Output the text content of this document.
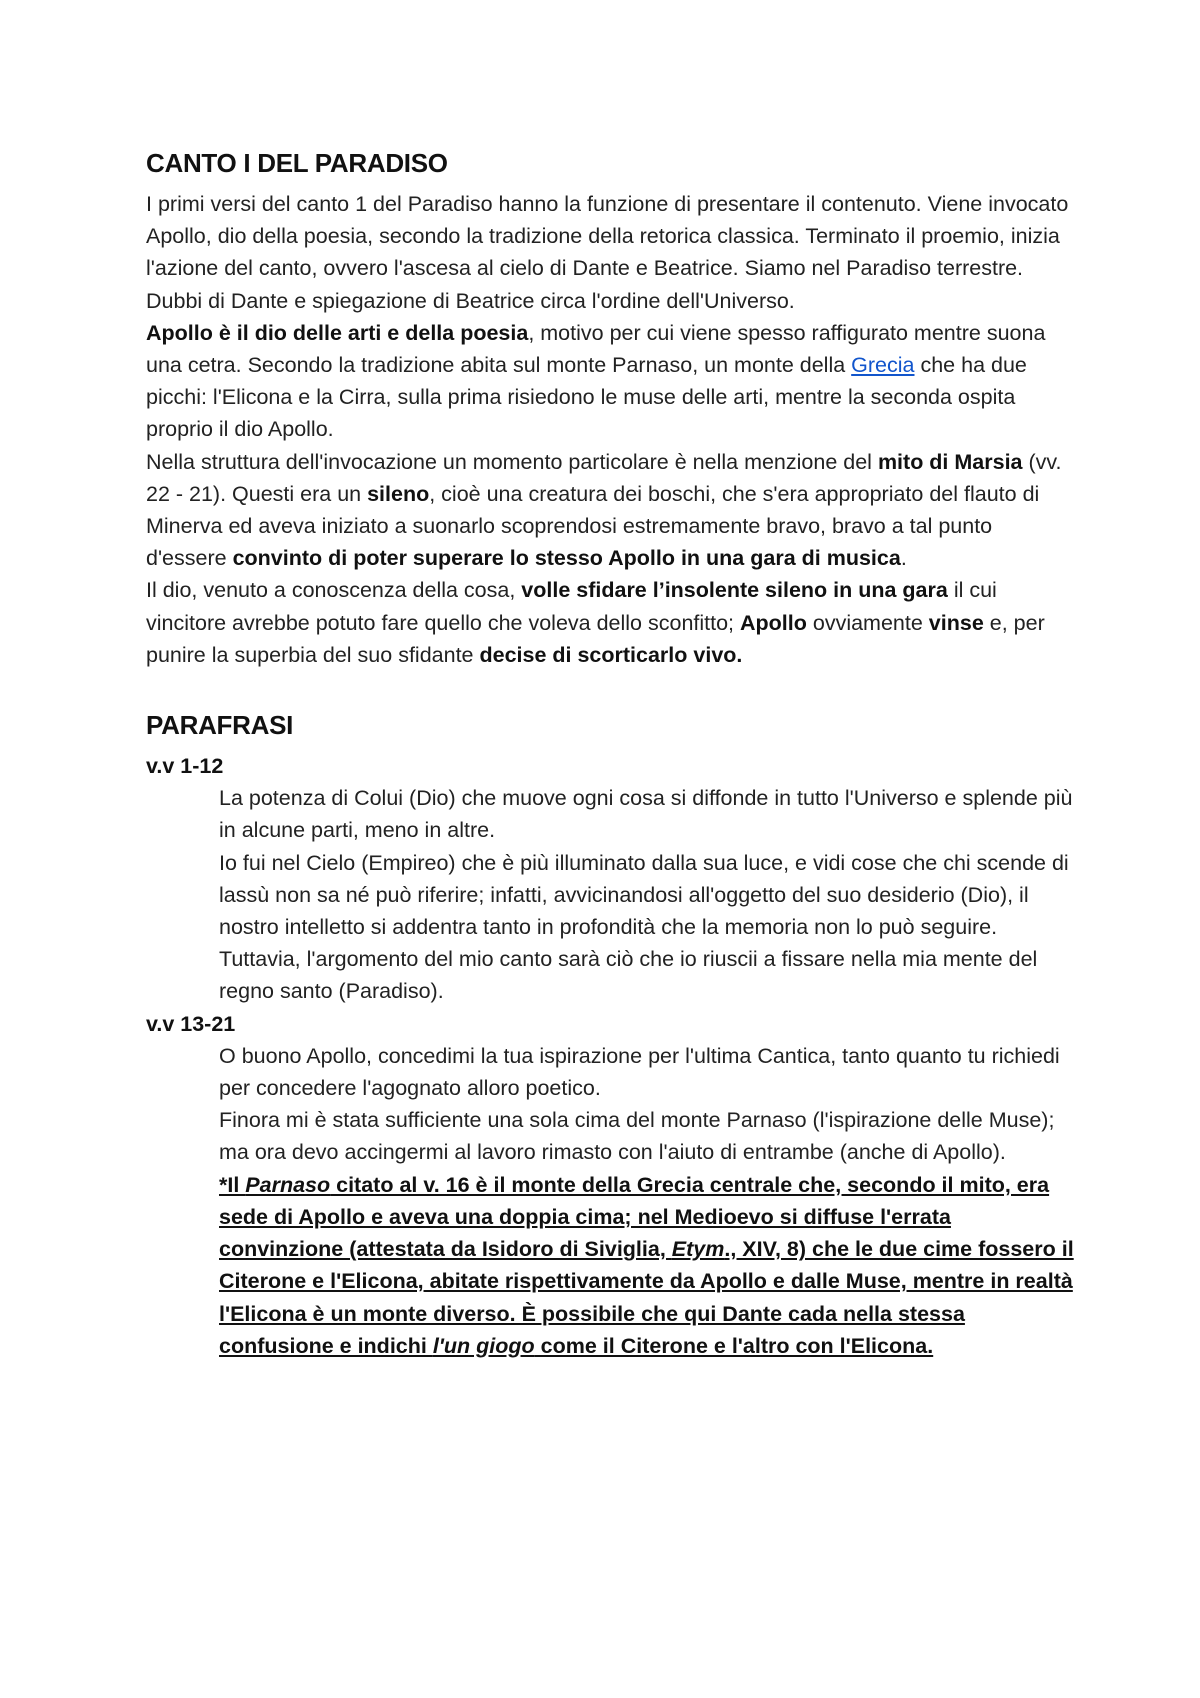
CANTO I DEL PARADISO

I primi versi del canto 1 del Paradiso hanno la funzione di presentare il contenuto. Viene invocato Apollo, dio della poesia, secondo la tradizione della retorica classica. Terminato il proemio, inizia l'azione del canto, ovvero l'ascesa al cielo di Dante e Beatrice. Siamo nel Paradiso terrestre. Dubbi di Dante e spiegazione di Beatrice circa l'ordine dell'Universo.

Apollo è il dio delle arti e della poesia, motivo per cui viene spesso raffigurato mentre suona una cetra. Secondo la tradizione abita sul monte Parnaso, un monte della Grecia che ha due picchi: l'Elicona e la Cirra, sulla prima risiedono le muse delle arti, mentre la seconda ospita proprio il dio Apollo.

Nella struttura dell'invocazione un momento particolare è nella menzione del mito di Marsia (vv. 22 - 21). Questi era un sileno, cioè una creatura dei boschi, che s'era appropriato del flauto di Minerva ed aveva iniziato a suonarlo scoprendosi estremamente bravo, bravo a tal punto d'essere convinto di poter superare lo stesso Apollo in una gara di musica.

Il dio, venuto a conoscenza della cosa, volle sfidare l’insolente sileno in una gara il cui vincitore avrebbe potuto fare quello che voleva dello sconfitto; Apollo ovviamente vinse e, per punire la superbia del suo sfidante decise di scorticarlo vivo.

PARAFRASI

v.v 1-12

La potenza di Colui (Dio) che muove ogni cosa si diffonde in tutto l'Universo e splende più in alcune parti, meno in altre.

Io fui nel Cielo (Empireo) che è più illuminato dalla sua luce, e vidi cose che chi scende di lassù non sa né può riferire; infatti, avvicinandosi all'oggetto del suo desiderio (Dio), il nostro intelletto si addentra tanto in profondità che la memoria non lo può seguire.

Tuttavia, l'argomento del mio canto sarà ciò che io riuscii a fissare nella mia mente del regno santo (Paradiso).

v.v 13-21

O buono Apollo, concedimi la tua ispirazione per l'ultima Cantica, tanto quanto tu richiedi per concedere l'agognato alloro poetico.

Finora mi è stata sufficiente una sola cima del monte Parnaso (l'ispirazione delle Muse); ma ora devo accingermi al lavoro rimasto con l'aiuto di entrambe (anche di Apollo).

*Il Parnaso citato al v. 16 è il monte della Grecia centrale che, secondo il mito, era sede di Apollo e aveva una doppia cima; nel Medioevo si diffuse l'errata convinzione (attestata da Isidoro di Siviglia, Etym., XIV, 8) che le due cime fossero il Citerone e l'Elicona, abitate rispettivamente da Apollo e dalle Muse, mentre in realtà l'Elicona è un monte diverso. È possibile che qui Dante cada nella stessa confusione e indichi l'un giogo come il Citerone e l'altro con l'Elicona.
